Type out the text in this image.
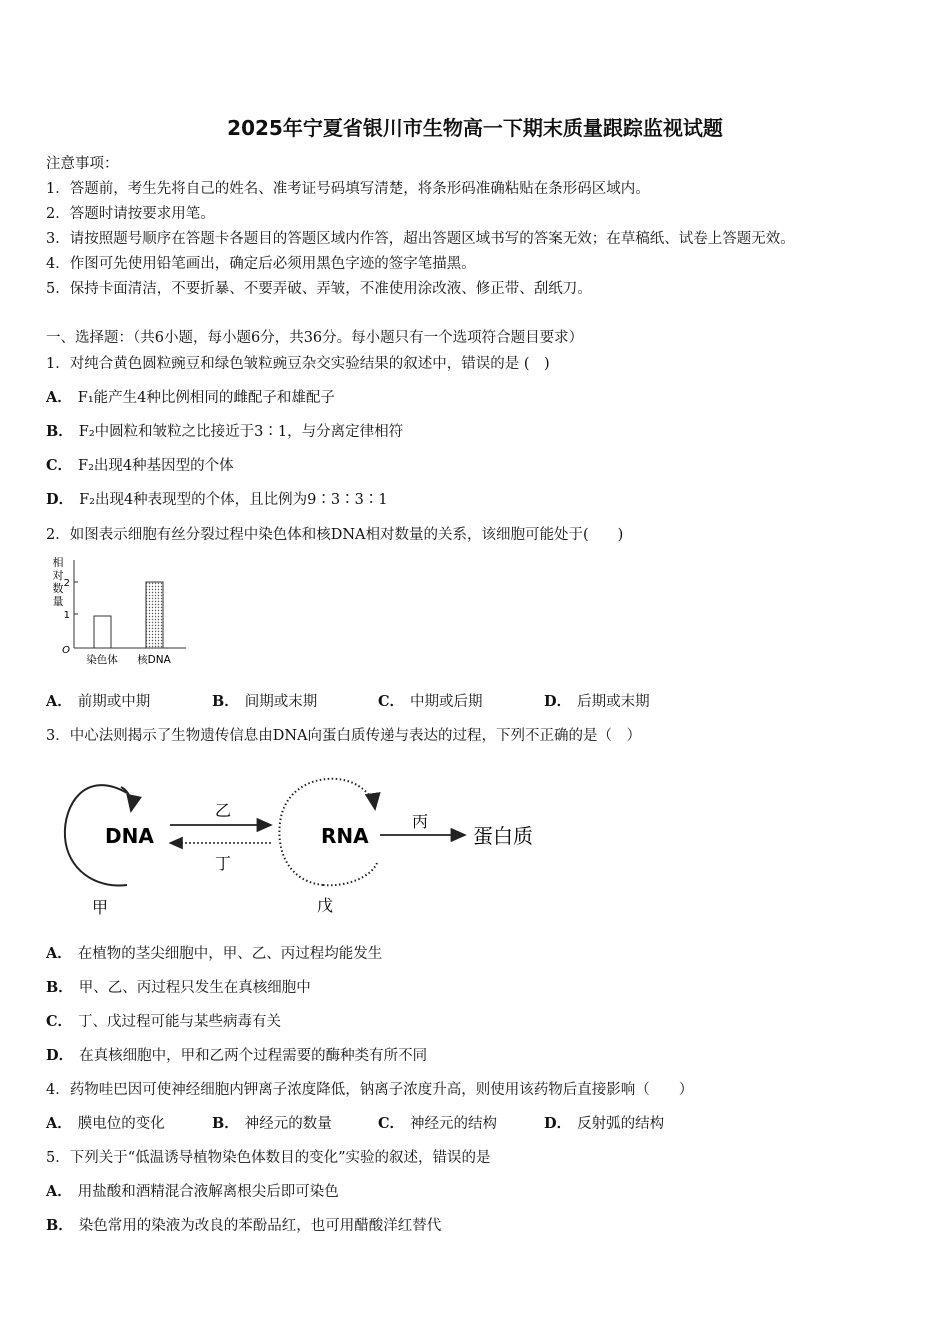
2025年宁夏省银川市生物高一下期末质量跟踪监视试题
注意事项：
1．答题前，考生先将自己的姓名、准考证号码填写清楚，将条形码准确粘贴在条形码区域内。
2．答题时请按要求用笔。
3．请按照题号顺序在答题卡各题目的答题区域内作答，超出答题区域书写的答案无效；在草稿纸、试卷上答题无效。
4．作图可先使用铅笔画出，确定后必须用黑色字迹的签字笔描黑。
5．保持卡面清洁，不要折暴、不要弄破、弄皱，不准使用涂改液、修正带、刮纸刀。
一、选择题：（共6小题，每小题6分，共36分。每小题只有一个选项符合题目要求）
1．对纯合黄色圆粒豌豆和绿色皱粒豌豆杂交实验结果的叙述中，错误的是 (　)
A． F₁能产生4种比例相同的雌配子和雄配子
B． F₂中圆粒和皱粒之比接近于3∶1，与分离定律相符
C． F₂出现4种基因型的个体
D． F₂出现4种表现型的个体，且比例为9∶3∶3∶1
2．如图表示细胞有丝分裂过程中染色体和核DNA相对数量的关系，该细胞可能处于(　　)
相
对
数
量
2
1
O
染色体 核DNA
A． 前期或中期	B． 间期或末期	C． 中期或后期	D． 后期或末期
3．中心法则揭示了生物遗传信息由DNA向蛋白质传递与表达的过程，下列不正确的是（　）
DNA
乙
丁
RNA
丙
蛋白质
甲	戊
A． 在植物的茎尖细胞中，甲、乙、丙过程均能发生
B． 甲、乙、丙过程只发生在真核细胞中
C． 丁、戊过程可能与某些病毒有关
D． 在真核细胞中，甲和乙两个过程需要的酶种类有所不同
4．药物哇巴因可使神经细胞内钾离子浓度降低，钠离子浓度升高，则使用该药物后直接影响（　　）
A． 膜电位的变化	B． 神经元的数量	C． 神经元的结构	D． 反射弧的结构
5．下列关于“低温诱导植物染色体数目的变化”实验的叙述，错误的是
A． 用盐酸和酒精混合液解离根尖后即可染色
B． 染色常用的染液为改良的苯酚品红，也可用醋酸洋红替代
